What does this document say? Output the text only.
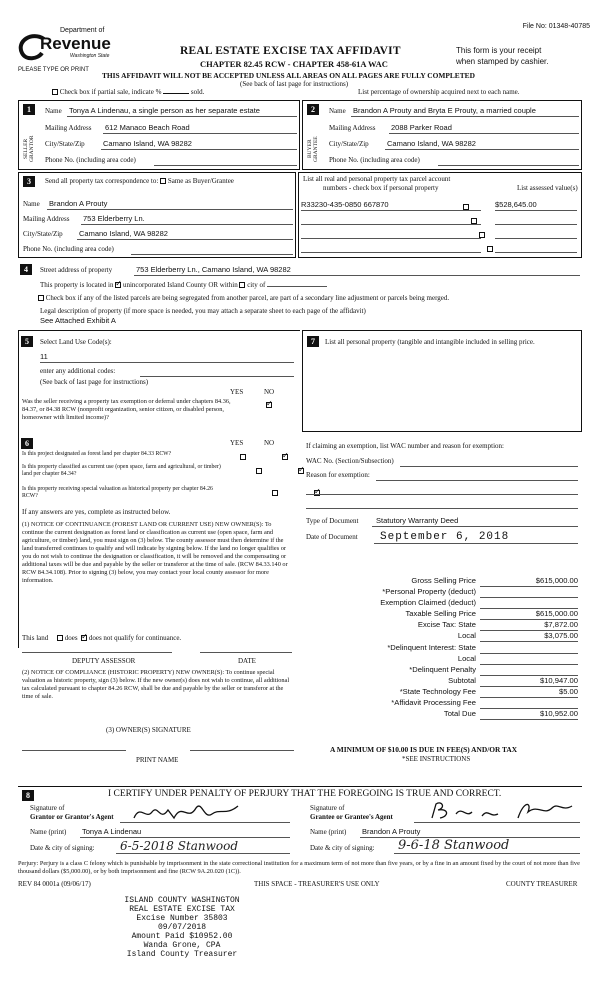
File No: 01348-40785
Department of
Revenue
Washington State
PLEASE TYPE OR PRINT
REAL ESTATE EXCISE TAX AFFIDAVIT
CHAPTER 82.45 RCW - CHAPTER 458-61A WAC
This form is your receipt
when stamped by cashier.
THIS AFFIDAVIT WILL NOT BE ACCEPTED UNLESS ALL AREAS ON ALL PAGES ARE FULLY COMPLETED
(See back of last page for instructions)
Check box if partial sale, indicate %	sold.	List percentage of ownership acquired next to each name.
1
SELLER GRANTOR
Name Tonya A Lindenau, a single person as her separate estate
Mailing Address 612 Manaco Beach Road
City/State/Zip Camano Island, WA 98282
Phone No. (including area code)
2
BUYER GRANTEE
Name Brandon A Prouty and Bryta E Prouty, a married couple
Mailing Address 2088 Parker Road
City/State/Zip Camano Island, WA 98282
Phone No. (including area code)
3	Send all property tax correspondence to: Same as Buyer/Grantee
Name Brandon A Prouty
Mailing Address 753 Elderberry Ln.
City/State/Zip Camano Island, WA 98282
Phone No. (including area code)
List all real and personal property tax parcel account
numbers - check box if personal property	List assessed value(s)
R33230-435-0850 667870	$528,645.00

4	Street address of property	753 Elderberry Ln., Camano Island, WA 98282
This property is located in ✓ unincorporated Island County OR within city of
Check box if any of the listed parcels are being segregated from another parcel, are part of a secondary line adjustment or parcels being merged.
Legal description of property (if more space is needed, you may attach a separate sheet to each page of the affidavit)
See Attached Exhibit A
5	Select Land Use Code(s):
11
enter any additional codes:
(See back of last page for instructions)
YES	NO
Was the seller receiving a property tax exemption or deferral under chapters 84.36, 84.37, or 84.38 RCW (nonprofit organization, senior citizen, or disabled person, homeowner with limited income)?
✓
6	YES	NO
Is this project designated as forest land per chapter 84.33 RCW?
✓
Is this property classified as current use (open space, farm and agricultural, or timber) land per chapter 84.34?
✓
Is this property receiving special valuation as historical property per chapter 84.26 RCW?
✓
If any answers are yes, complete as instructed below.
(1) NOTICE OF CONTINUANCE (FOREST LAND OR CURRENT USE) NEW OWNER(S): To continue the current designation as forest land or classification as current use (open space, farm and agriculture, or timber) land, you must sign on (3) below. The county assessor must then determine if the land transferred continues to qualify and will indicate by signing below. If the land no longer qualifies or you do not wish to continue the designation or classification, it will be removed and the compensating or additional taxes will be due and payable by the seller or transferor at the time of sale. (RCW 84.33.140 or RCW 84.34.108). Prior to signing (3) below, you may contact your local county assessor for more information.
This land does ✓ does not qualify for continuance.
DEPUTY ASSESSOR	DATE
(2) NOTICE OF COMPLIANCE (HISTORIC PROPERTY) NEW OWNER(S): To continue special valuation as historic property, sign (3) below. If the new owner(s) does not wish to continue, all additional tax calculated pursuant to chapter 84.26 RCW, shall be due and payable by the seller or transferor at the time of sale.
(3) OWNER(S) SIGNATURE
PRINT NAME
7	List all personal property (tangible and intangible included in selling price.
If claiming an exemption, list WAC number and reason for exemption:
WAC No. (Section/Subsection)
Reason for exemption:
Type of Document Statutory Warranty Deed
Date of Document September 6, 2018
Gross Selling Price	$615,000.00
*Personal Property (deduct)
Exemption Claimed (deduct)
Taxable Selling Price	$615,000.00
Excise Tax: State	$7,872.00
Local	$3,075.00
*Delinquent Interest: State
Local
*Delinquent Penalty
Subtotal	$10,947.00
*State Technology Fee	$5.00
*Affidavit Processing Fee
Total Due	$10,952.00
A MINIMUM OF $10.00 IS DUE IN FEE(S) AND/OR TAX
*SEE INSTRUCTIONS
8	I CERTIFY UNDER PENALTY OF PERJURY THAT THE FOREGOING IS TRUE AND CORRECT.
Signature of
Grantor or Grantor's Agent
Name (print) Tonya A Lindenau
Date & city of signing: 6-5-2018 Stanwood
Signature of
Grantee or Grantee's Agent
Name (print) Brandon A Prouty
Date & city of signing: 9-6-18 Stanwood
Perjury: Perjury is a class C felony which is punishable by imprisonment in the state correctional institution for a maximum term of not more than five years, or by a fine in an amount fixed by the court of not more than five thousand dollars ($5,000.00), or by both imprisonment and fine (RCW 9A.20.020 (1C)).
REV 84 0001a (09/06/17)	THIS SPACE - TREASURER'S USE ONLY	COUNTY TREASURER
ISLAND COUNTY WASHINGTON
REAL ESTATE EXCISE TAX
Excise Number 35803
09/07/2018
Amount Paid $10952.00
Wanda Grone, CPA
Island County Treasurer
